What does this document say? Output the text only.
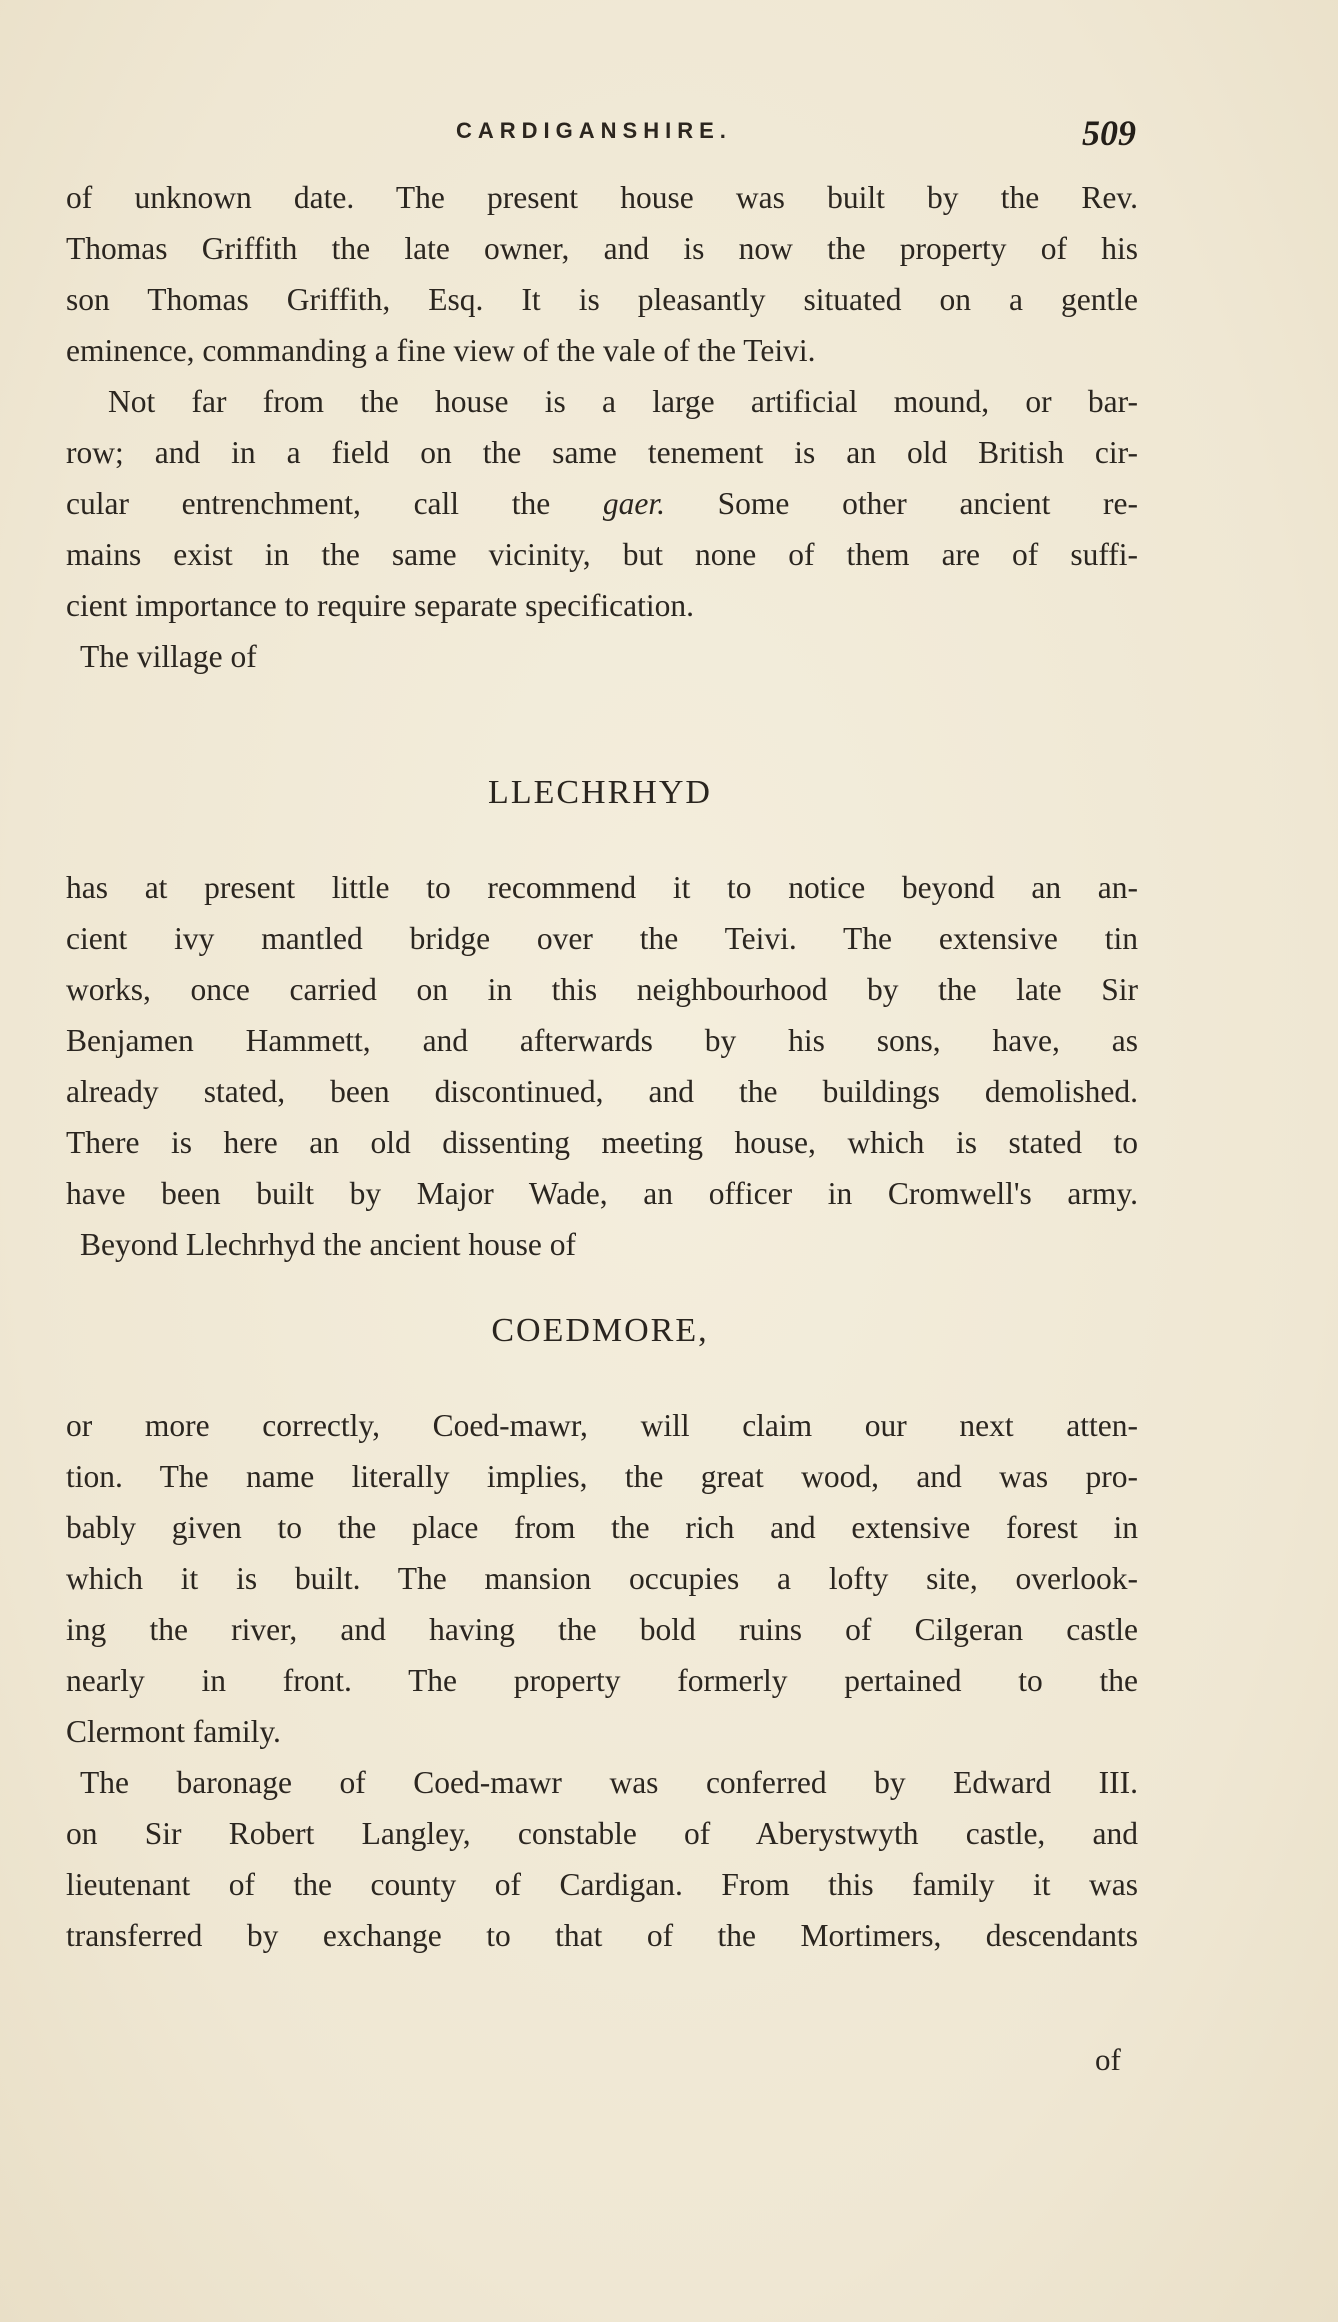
CARDIGANSHIRE.	509
of unknown date. The present house was built by the Rev.
Thomas Griffith the late owner, and is now the property of his
son Thomas Griffith, Esq. It is pleasantly situated on a gentle
eminence, commanding a fine view of the vale of the Teivi.
Not far from the house is a large artificial mound, or bar-
row; and in a field on the same tenement is an old British cir-
cular entrenchment, call the gaer. Some other ancient re-
mains exist in the same vicinity, but none of them are of suffi-
cient importance to require separate specification.
The village of
LLECHRHYD
has at present little to recommend it to notice beyond an an-
cient ivy mantled bridge over the Teivi. The extensive tin
works, once carried on in this neighbourhood by the late Sir
Benjamen Hammett, and afterwards by his sons, have, as
already stated, been discontinued, and the buildings demolished.
There is here an old dissenting meeting house, which is stated to
have been built by Major Wade, an officer in Cromwell's army.
Beyond Llechrhyd the ancient house of
COEDMORE,
or more correctly, Coed-mawr, will claim our next atten-
tion. The name literally implies, the great wood, and was pro-
bably given to the place from the rich and extensive forest in
which it is built. The mansion occupies a lofty site, overlook-
ing the river, and having the bold ruins of Cilgeran castle
nearly in front. The property formerly pertained to the
Clermont family.
The baronage of Coed-mawr was conferred by Edward III.
on Sir Robert Langley, constable of Aberystwyth castle, and
lieutenant of the county of Cardigan. From this family it was
transferred by exchange to that of the Mortimers, descendants
of
